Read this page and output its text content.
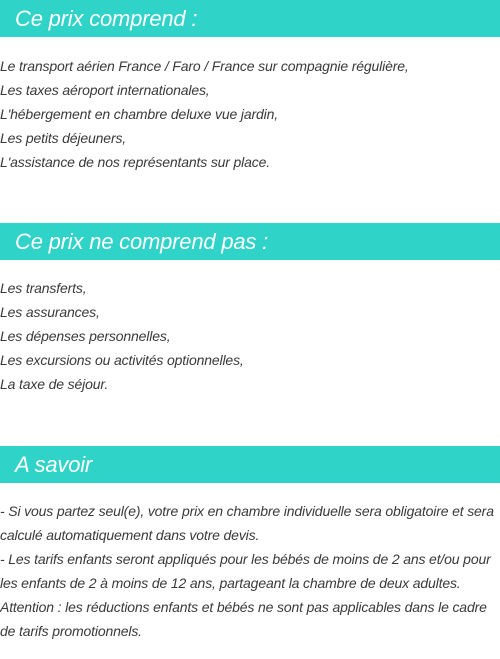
Ce prix comprend :
Le transport aérien France / Faro / France sur compagnie régulière,
Les taxes aéroport internationales,
L'hébergement en chambre deluxe vue jardin,
Les petits déjeuners,
L'assistance de nos représentants sur place.
Ce prix ne comprend pas :
Les transferts,
Les assurances,
Les dépenses personnelles,
Les excursions ou activités optionnelles,
La taxe de séjour.
A savoir

- Si vous partez seul(e), votre prix en chambre individuelle sera obligatoire et sera calculé automatiquement dans votre devis.

- Les tarifs enfants seront appliqués pour les bébés de moins de 2 ans et/ou pour les enfants de 2 à moins de 12 ans, partageant la chambre de deux adultes.

Attention : les réductions enfants et bébés ne sont pas applicables dans le cadre de tarifs promotionnels.
